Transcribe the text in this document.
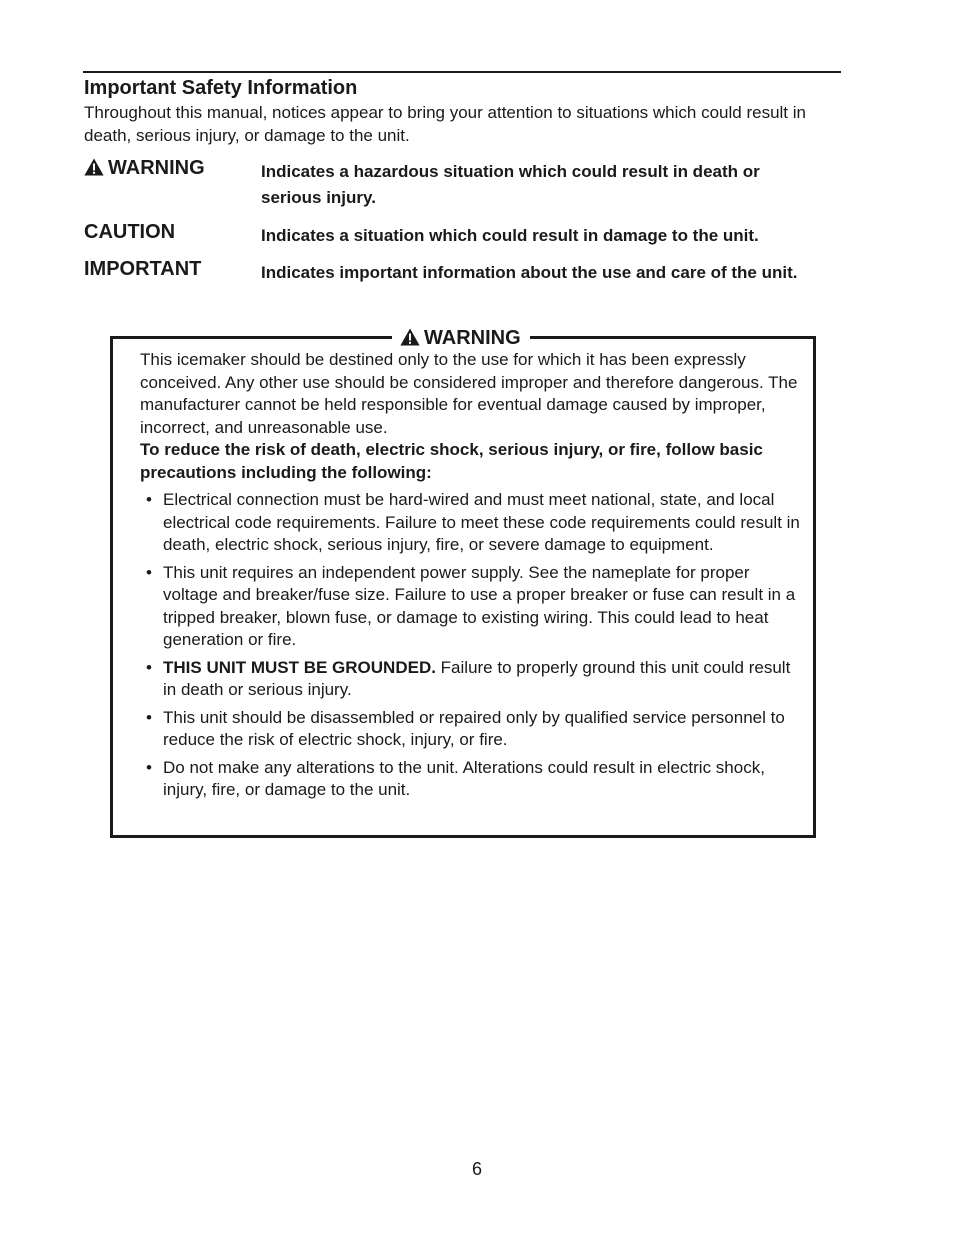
Important Safety Information

Throughout this manual, notices appear to bring your attention to situations which could result in death, serious injury, or damage to the unit.

WARNING	Indicates a hazardous situation which could result in death or serious injury.
CAUTION	Indicates a situation which could result in damage to the unit.
IMPORTANT	Indicates important information about the use and care of the unit.
WARNING

This icemaker should be destined only to the use for which it has been expressly conceived. Any other use should be considered improper and therefore dangerous. The manufacturer cannot be held responsible for eventual damage caused by improper, incorrect, and unreasonable use.

To reduce the risk of death, electric shock, serious injury, or fire, follow basic precautions including the following:

• Electrical connection must be hard-wired and must meet national, state, and local electrical code requirements. Failure to meet these code requirements could result in death, electric shock, serious injury, fire, or severe damage to equipment.
• This unit requires an independent power supply. See the nameplate for proper voltage and breaker/fuse size. Failure to use a proper breaker or fuse can result in a tripped breaker, blown fuse, or damage to existing wiring. This could lead to heat generation or fire.
• THIS UNIT MUST BE GROUNDED. Failure to properly ground this unit could result in death or serious injury.
• This unit should be disassembled or repaired only by qualified service personnel to reduce the risk of electric shock, injury, or fire.
• Do not make any alterations to the unit. Alterations could result in electric shock, injury, fire, or damage to the unit.
6
